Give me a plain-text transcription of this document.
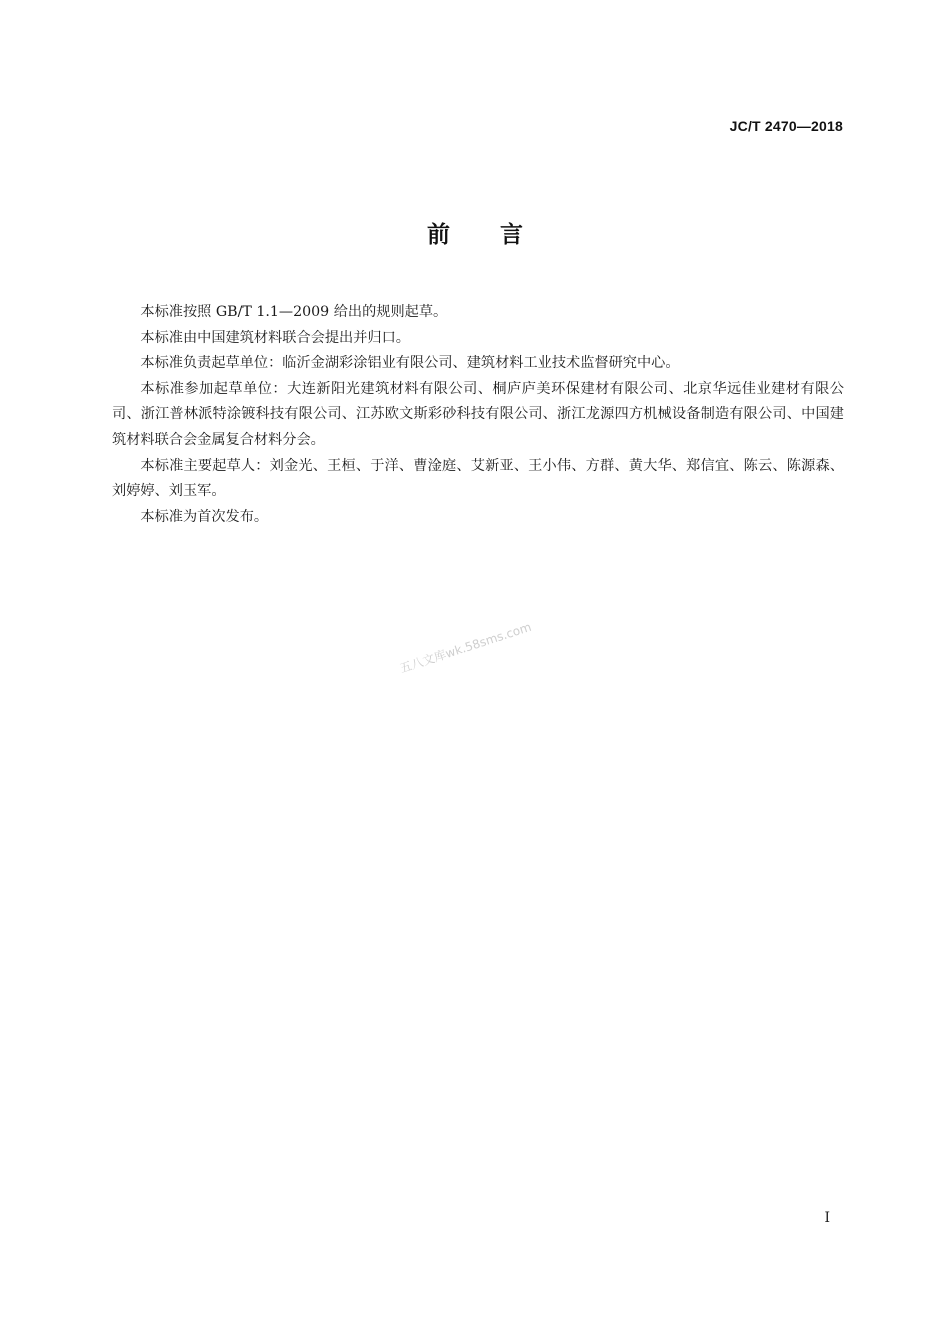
JC/T 2470—2018
前言

本标准按照 GB/T 1.1—2009 给出的规则起草。

本标准由中国建筑材料联合会提出并归口。

本标准负责起草单位：临沂金湖彩涂铝业有限公司、建筑材料工业技术监督研究中心。

本标准参加起草单位：大连新阳光建筑材料有限公司、桐庐庐美环保建材有限公司、北京华远佳业建材有限公司、浙江普林派特涂镀科技有限公司、江苏欧文斯彩砂科技有限公司、浙江龙源四方机械设备制造有限公司、中国建筑材料联合会金属复合材料分会。

本标准主要起草人：刘金光、王桓、于洋、曹淦庭、艾新亚、王小伟、方群、黄大华、郑信宜、陈云、陈源森、刘婷婷、刘玉军。

本标准为首次发布。

五八文库wk.58sms.com
I
